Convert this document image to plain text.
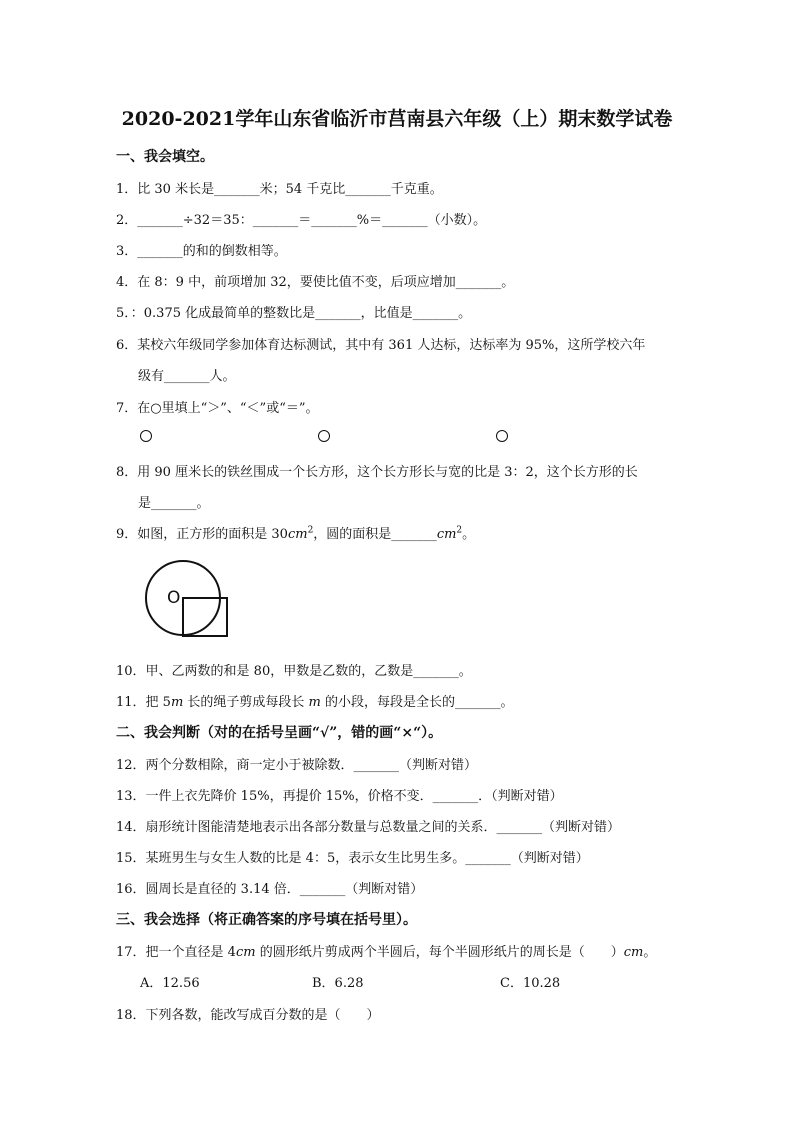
2020-2021学年山东省临沂市莒南县六年级（上）期末数学试卷
一、我会填空。
1．比 30 米长是_______米；54 千克比_______千克重。
2．_______÷32＝35：_______＝_______%＝_______（小数）。
3．_______的和的倒数相等。
4．在 8：9 中，前项增加 32，要使比值不变，后项应增加_______。
5．：0.375 化成最简单的整数比是_______，比值是_______。
6．某校六年级同学参加体育达标测试，其中有 361 人达标，达标率为 95%，这所学校六年
级有_______人。
7．在○里填上“＞”、“＜”或“＝”。
8．用 90 厘米长的铁丝围成一个长方形，这个长方形长与宽的比是 3：2，这个长方形的长
是_______。
9．如图，正方形的面积是 $30cm^2$，圆的面积是$\_\_\_\_\_\_\_cm^2$。
O
10．甲、乙两数的和是 80，甲数是乙数的，乙数是_______。
11．把 5m 长的绳子剪成每段长 m 的小段，每段是全长的_______。
二、我会判断（对的在括号呈画“√”，错的画“×“）。
12．两个分数相除，商一定小于被除数．_______（判断对错）
13．一件上衣先降价 15%，再提价 15%，价格不变．_______．（判断对错）
14．扇形统计图能清楚地表示出各部分数量与总数量之间的关系．_______（判断对错）
15．某班男生与女生人数的比是 4：5，表示女生比男生多。_______（判断对错）
16．圆周长是直径的 3.14 倍．_______（判断对错）
三、我会选择（将正确答案的序号填在括号里）。
17．把一个直径是 4cm 的圆形纸片剪成两个半圆后，每个半圆形纸片的周长是（　　）cm。
A．12.56	B．6.28	C．10.28
18．下列各数，能改写成百分数的是（　　）
